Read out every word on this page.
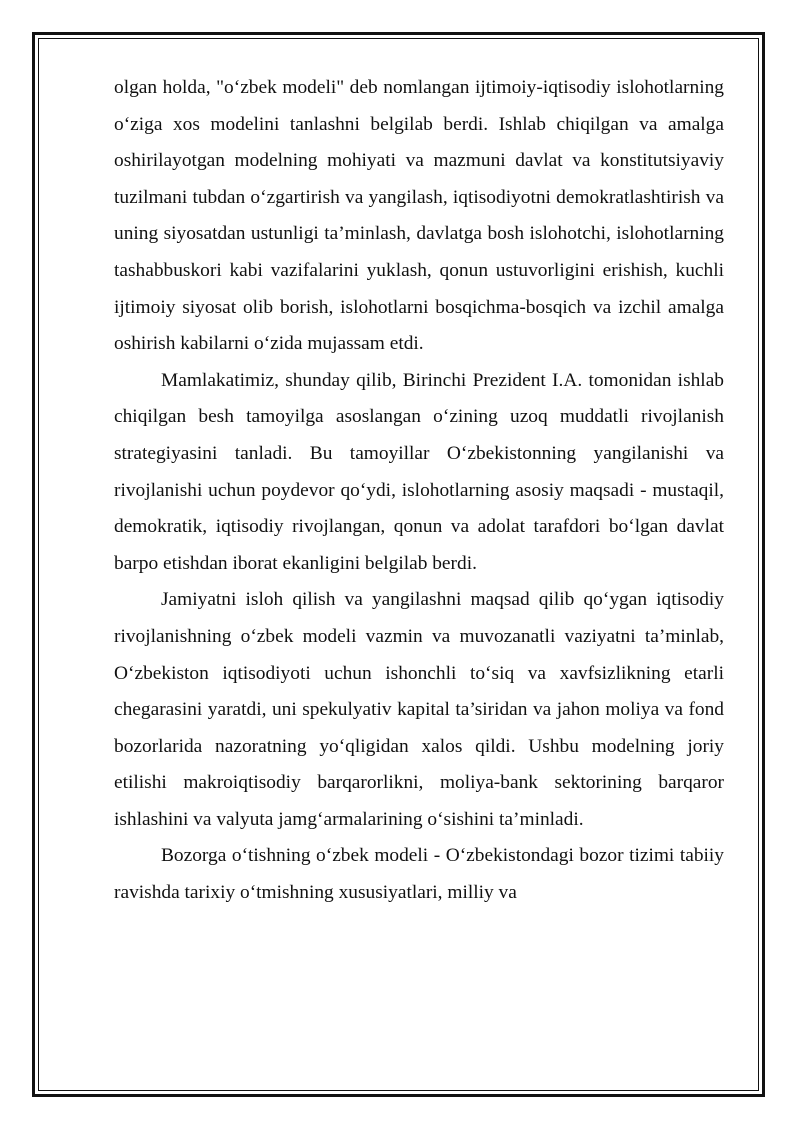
olgan holda, "o‘zbek modeli" deb nomlangan ijtimoiy-iqtisodiy islohotlarning o‘ziga xos modelini tanlashni belgilab berdi. Ishlab chiqilgan va amalga oshirilayotgan modelning mohiyati va mazmuni davlat va konstitutsiyaviy tuzilmani tubdan o‘zgartirish va yangilash, iqtisodiyotni demokratlashtirish va uning siyosatdan ustunligi ta’minlash, davlatga bosh islohotchi, islohotlarning tashabbuskori kabi vazifalarini yuklash, qonun ustuvorligini erishish, kuchli ijtimoiy siyosat olib borish, islohotlarni bosqichma-bosqich va izchil amalga oshirish kabilarni o‘zida mujassam etdi.

Mamlakatimiz, shunday qilib, Birinchi Prezident I.A. tomonidan ishlab chiqilgan besh tamoyilga asoslangan o‘zining uzoq muddatli rivojlanish strategiyasini tanladi. Bu tamoyillar O‘zbekistonning yangilanishi va rivojlanishi uchun poydevor qo‘ydi, islohotlarning asosiy maqsadi - mustaqil, demokratik, iqtisodiy rivojlangan, qonun va adolat tarafdori bo‘lgan davlat barpo etishdan iborat ekanligini belgilab berdi.

Jamiyatni isloh qilish va yangilashni maqsad qilib qo‘ygan iqtisodiy rivojlanishning o‘zbek modeli vazmin va muvozanatli vaziyatni ta’minlab, O‘zbekiston iqtisodiyoti uchun ishonchli to‘siq va xavfsizlikning etarli chegarasini yaratdi, uni spekulyativ kapital ta’siridan va jahon moliya va fond bozorlarida nazoratning yo‘qligidan xalos qildi. Ushbu modelning joriy etilishi makroiqtisodiy barqarorlikni, moliya-bank sektorining barqaror ishlashini va valyuta jamg‘armalarining o‘sishini ta’minladi.

Bozorga o‘tishning o‘zbek modeli - O‘zbekistondagi bozor tizimi tabiiy ravishda tarixiy o‘tmishning xususiyatlari, milliy va
